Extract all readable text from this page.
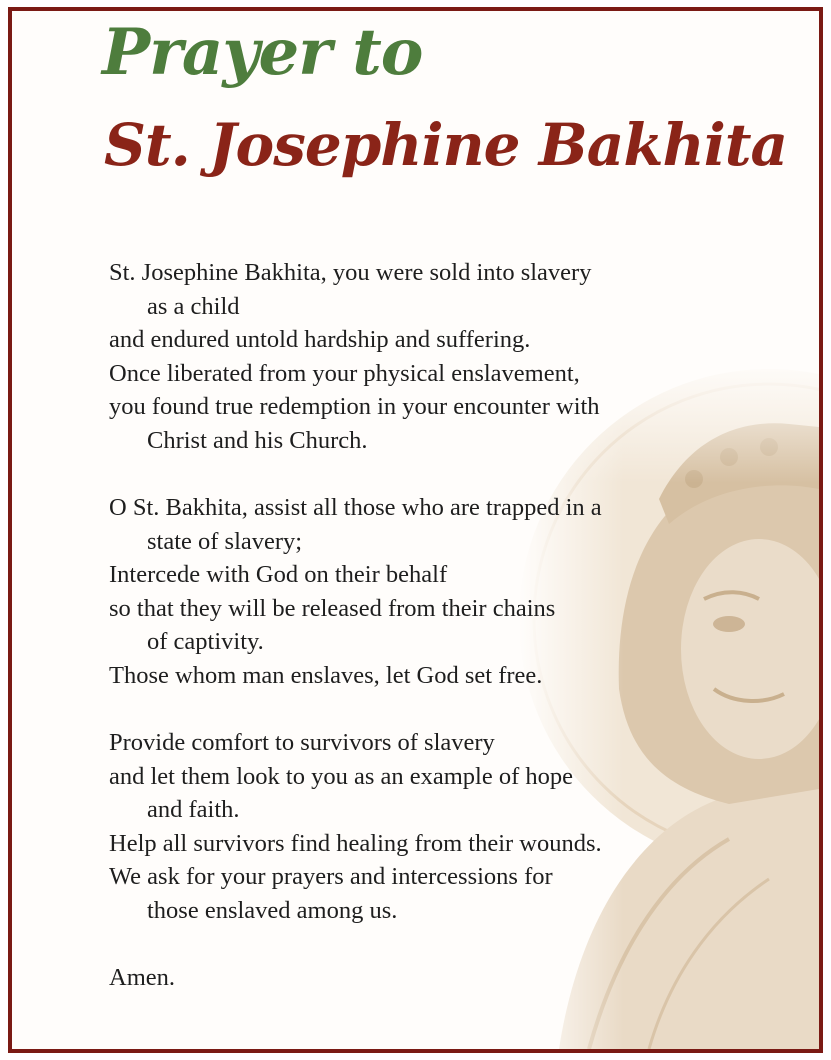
Prayer to
St. Josephine Bakhita

St. Josephine Bakhita, you were sold into slavery
as a child
and endured untold hardship and suffering.
Once liberated from your physical enslavement,
you found true redemption in your encounter with
Christ and his Church.

O St. Bakhita, assist all those who are trapped in a
state of slavery;
Intercede with God on their behalf
so that they will be released from their chains
of captivity.
Those whom man enslaves, let God set free.

Provide comfort to survivors of slavery
and let them look to you as an example of hope
and faith.
Help all survivors find healing from their wounds.
We ask for your prayers and intercessions for
those enslaved among us.

Amen.
